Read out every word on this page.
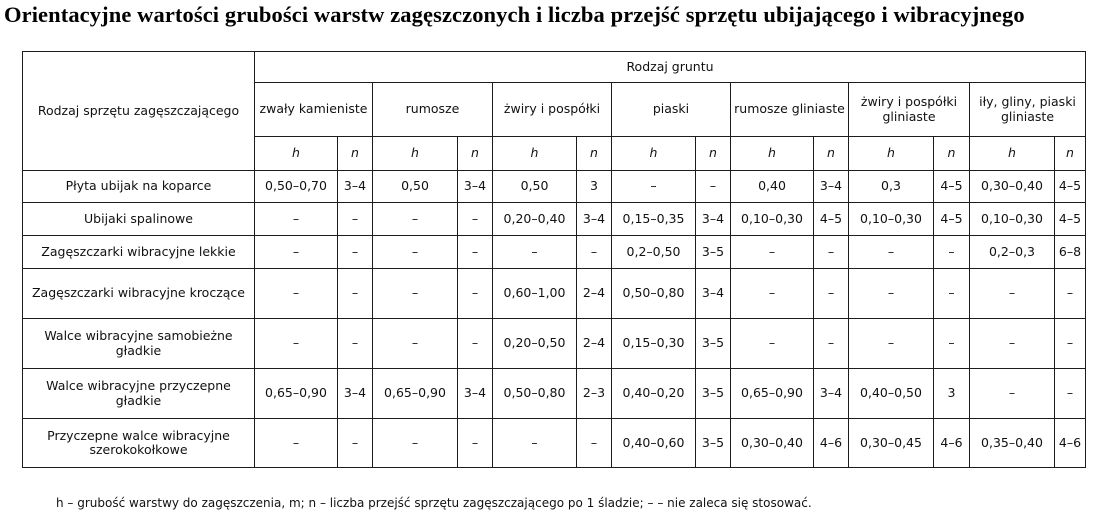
Orientacyjne wartości grubości warstw zagęszczonych i liczba przejść sprzętu ubijającego i wibracyjnego
Rodzaj sprzętu zagęszczającego	Rodzaj gruntu													
	zwały kamieniste		rumosze		żwiry i pospółki		piaski		rumosze gliniaste		żwiry i pospółki gliniaste		iły, gliny, piaski gliniaste	
	h	n	h	n	h	n	h	n	h	n	h	n	h	n
Płyta ubijak na koparce	0,50–0,70	3–4	0,50	3–4	0,50	3	–	–	0,40	3–4	0,3	4–5	0,30–0,40	4–5
Ubijaki spalinowe	–	–	–	–	0,20–0,40	3–4	0,15–0,35	3–4	0,10–0,30	4–5	0,10–0,30	4–5	0,10–0,30	4–5
Zagęszczarki wibracyjne lekkie	–	–	–	–	–	–	0,2–0,50	3–5	–	–	–	–	0,2–0,3	6–8
Zagęszczarki wibracyjne kroczące	–	–	–	–	0,60–1,00	2–4	0,50–0,80	3–4	–	–	–	–	–	–
Walce wibracyjne samobieżne gładkie	–	–	–	–	0,20–0,50	2–4	0,15–0,30	3–5	–	–	–	–	–	–
Walce wibracyjne przyczepne gładkie	0,65–0,90	3–4	0,65–0,90	3–4	0,50–0,80	2–3	0,40–0,20	3–5	0,65–0,90	3–4	0,40–0,50	3	–	–
Przyczepne walce wibracyjne szerokokołkowe	–	–	–	–	–	–	0,40–0,60	3–5	0,30–0,40	4–6	0,30–0,45	4–6	0,35–0,40	4–6
h – grubość warstwy do zagęszczenia, m; n – liczba przejść sprzętu zagęszczającego po 1 śladzie; – – nie zaleca się stosować.
